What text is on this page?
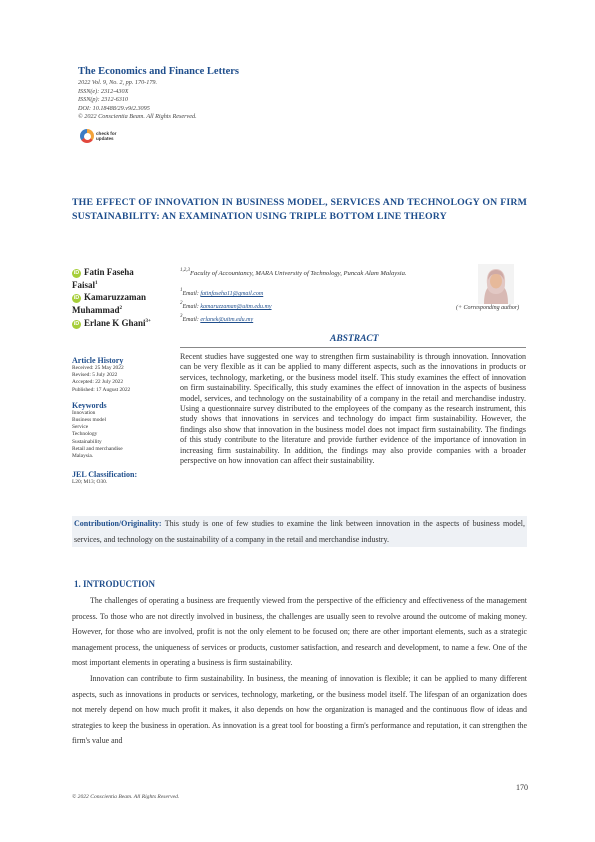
The Economics and Finance Letters
2022 Vol. 9, No. 2, pp. 170-179.
ISSN(e): 2312-430X
ISSN(p): 2312-6310
DOI: 10.18488/29.v9i2.3095
© 2022 Conscientia Beam. All Rights Reserved.
check for
updates
THE EFFECT OF INNOVATION IN BUSINESS MODEL, SERVICES AND TECHNOLOGY ON FIRM SUSTAINABILITY: AN EXAMINATION USING TRIPLE BOTTOM LINE THEORY
iD Fatin Faseha
Faisal$^1$
iD Kamaruzzaman
Muhammad$^2$
iD Erlane K Ghani$^{3+}$
$^{1,2,3}$Faculty of Accountancy, MARA University of Technology, Puncak Alam Malaysia.
$^1$Email: fatinfaseha11@gmail.com
$^2$Email: kamaruzzaman@uitm.edu.my
$^3$Email: erlanek@uitm.edu.my
(+ Corresponding author)
ABSTRACT
Recent studies have suggested one way to strengthen firm sustainability is through innovation. Innovation can be very flexible as it can be applied to many different aspects, such as the innovations in products or services, technology, marketing, or the business model itself. This study examines the effect of innovation on firm sustainability. Specifically, this study examines the effect of innovation in the aspects of business model, services, and technology on the sustainability of a company in the retail and merchandise industry. Using a questionnaire survey distributed to the employees of the company as the research instrument, this study shows that innovations in services and technology do impact firm sustainability. However, the findings also show that innovation in the business model does not impact firm sustainability. The findings of this study contribute to the literature and provide further evidence of the importance of innovation in increasing firm sustainability. In addition, the findings may also provide companies with a broader perspective on how innovation can affect their sustainability.
Article History
Received: 25 May 2022
Revised: 5 July 2022
Accepted: 22 July 2022
Published: 17 August 2022
Keywords
Innovation
Business model
Service
Technology
Sustainability
Retail and merchandise
Malaysia.
JEL Classification:
L20; M13; O30.
Contribution/Originality: This study is one of few studies to examine the link between innovation in the aspects of business model, services, and technology on the sustainability of a company in the retail and merchandise industry.
1. INTRODUCTION

The challenges of operating a business are frequently viewed from the perspective of the efficiency and effectiveness of the management process. To those who are not directly involved in business, the challenges are usually seen to revolve around the outcome of making money. However, for those who are involved, profit is not the only element to be focused on; there are other important elements, such as a strategic management process, the uniqueness of services or products, customer satisfaction, and research and development, to name a few. One of the most important elements in operating a business is firm sustainability.

Innovation can contribute to firm sustainability. In business, the meaning of innovation is flexible; it can be applied to many different aspects, such as innovations in products or services, technology, marketing, or the business model itself. The lifespan of an organization does not merely depend on how much profit it makes, it also depends on how the organization is managed and the continuous flow of ideas and strategies to keep the business in operation. As innovation is a great tool for boosting a firm's performance and reputation, it can strengthen the firm's value and

170
© 2022 Conscientia Beam. All Rights Reserved.
